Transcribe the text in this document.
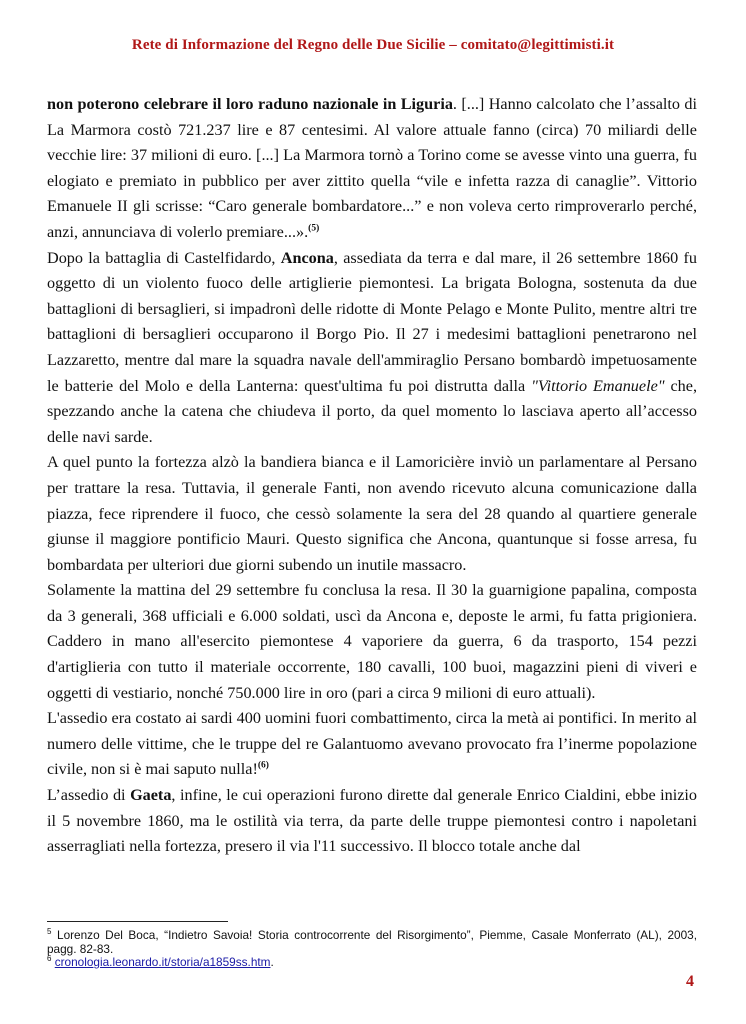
Rete di Informazione del Regno delle Due Sicilie – comitato@legittimisti.it

non poterono celebrare il loro raduno nazionale in Liguria. [...] Hanno calcolato che l’assalto di La Marmora costò 721.237 lire e 87 centesimi. Al valore attuale fanno (circa) 70 miliardi delle vecchie lire: 37 milioni di euro. [...] La Marmora tornò a Torino come se avesse vinto una guerra, fu elogiato e premiato in pubblico per aver zittito quella “vile e infetta razza di canaglie”. Vittorio Emanuele II gli scrisse: “Caro generale bombardatore...” e non voleva certo rimproverarlo perché, anzi, annunciava di volerlo premiare...».$^{(5)}$

Dopo la battaglia di Castelfidardo, Ancona, assediata da terra e dal mare, il 26 settembre 1860 fu oggetto di un violento fuoco delle artiglierie piemontesi. La brigata Bologna, sostenuta da due battaglioni di bersaglieri, si impadronì delle ridotte di Monte Pelago e Monte Pulito, mentre altri tre battaglioni di bersaglieri occuparono il Borgo Pio. Il 27 i medesimi battaglioni penetrarono nel Lazzaretto, mentre dal mare la squadra navale dell'ammiraglio Persano bombardò impetuosamente le batterie del Molo e della Lanterna: quest'ultima fu poi distrutta dalla "Vittorio Emanuele" che, spezzando anche la catena che chiudeva il porto, da quel momento lo lasciava aperto all’accesso delle navi sarde.

A quel punto la fortezza alzò la bandiera bianca e il Lamoricière inviò un parlamentare al Persano per trattare la resa. Tuttavia, il generale Fanti, non avendo ricevuto alcuna comunicazione dalla piazza, fece riprendere il fuoco, che cessò solamente la sera del 28 quando al quartiere generale giunse il maggiore pontificio Mauri. Questo significa che Ancona, quantunque si fosse arresa, fu bombardata per ulteriori due giorni subendo un inutile massacro.

Solamente la mattina del 29 settembre fu conclusa la resa. Il 30 la guarnigione papalina, composta da 3 generali, 368 ufficiali e 6.000 soldati, uscì da Ancona e, deposte le armi, fu fatta prigioniera. Caddero in mano all'esercito piemontese 4 vaporiere da guerra, 6 da trasporto, 154 pezzi d'artiglieria con tutto il materiale occorrente, 180 cavalli, 100 buoi, magazzini pieni di viveri e oggetti di vestiario, nonché 750.000 lire in oro (pari a circa 9 milioni di euro attuali).

L'assedio era costato ai sardi 400 uomini fuori combattimento, circa la metà ai pontifici. In merito al numero delle vittime, che le truppe del re Galantuomo avevano provocato fra l’inerme popolazione civile, non si è mai saputo nulla!$^{(6)}$

L’assedio di Gaeta, infine, le cui operazioni furono dirette dal generale Enrico Cialdini, ebbe inizio il 5 novembre 1860, ma le ostilità via terra, da parte delle truppe piemontesi contro i napoletani asserragliati nella fortezza, presero il via l'11 successivo. Il blocco totale anche dal

$^5$ Lorenzo Del Boca, “Indietro Savoia! Storia controcorrente del Risorgimento”, Piemme, Casale Monferrato (AL), 2003, pagg. 82-83.

$^6$ cronologia.leonardo.it/storia/a1859ss.htm.

4
